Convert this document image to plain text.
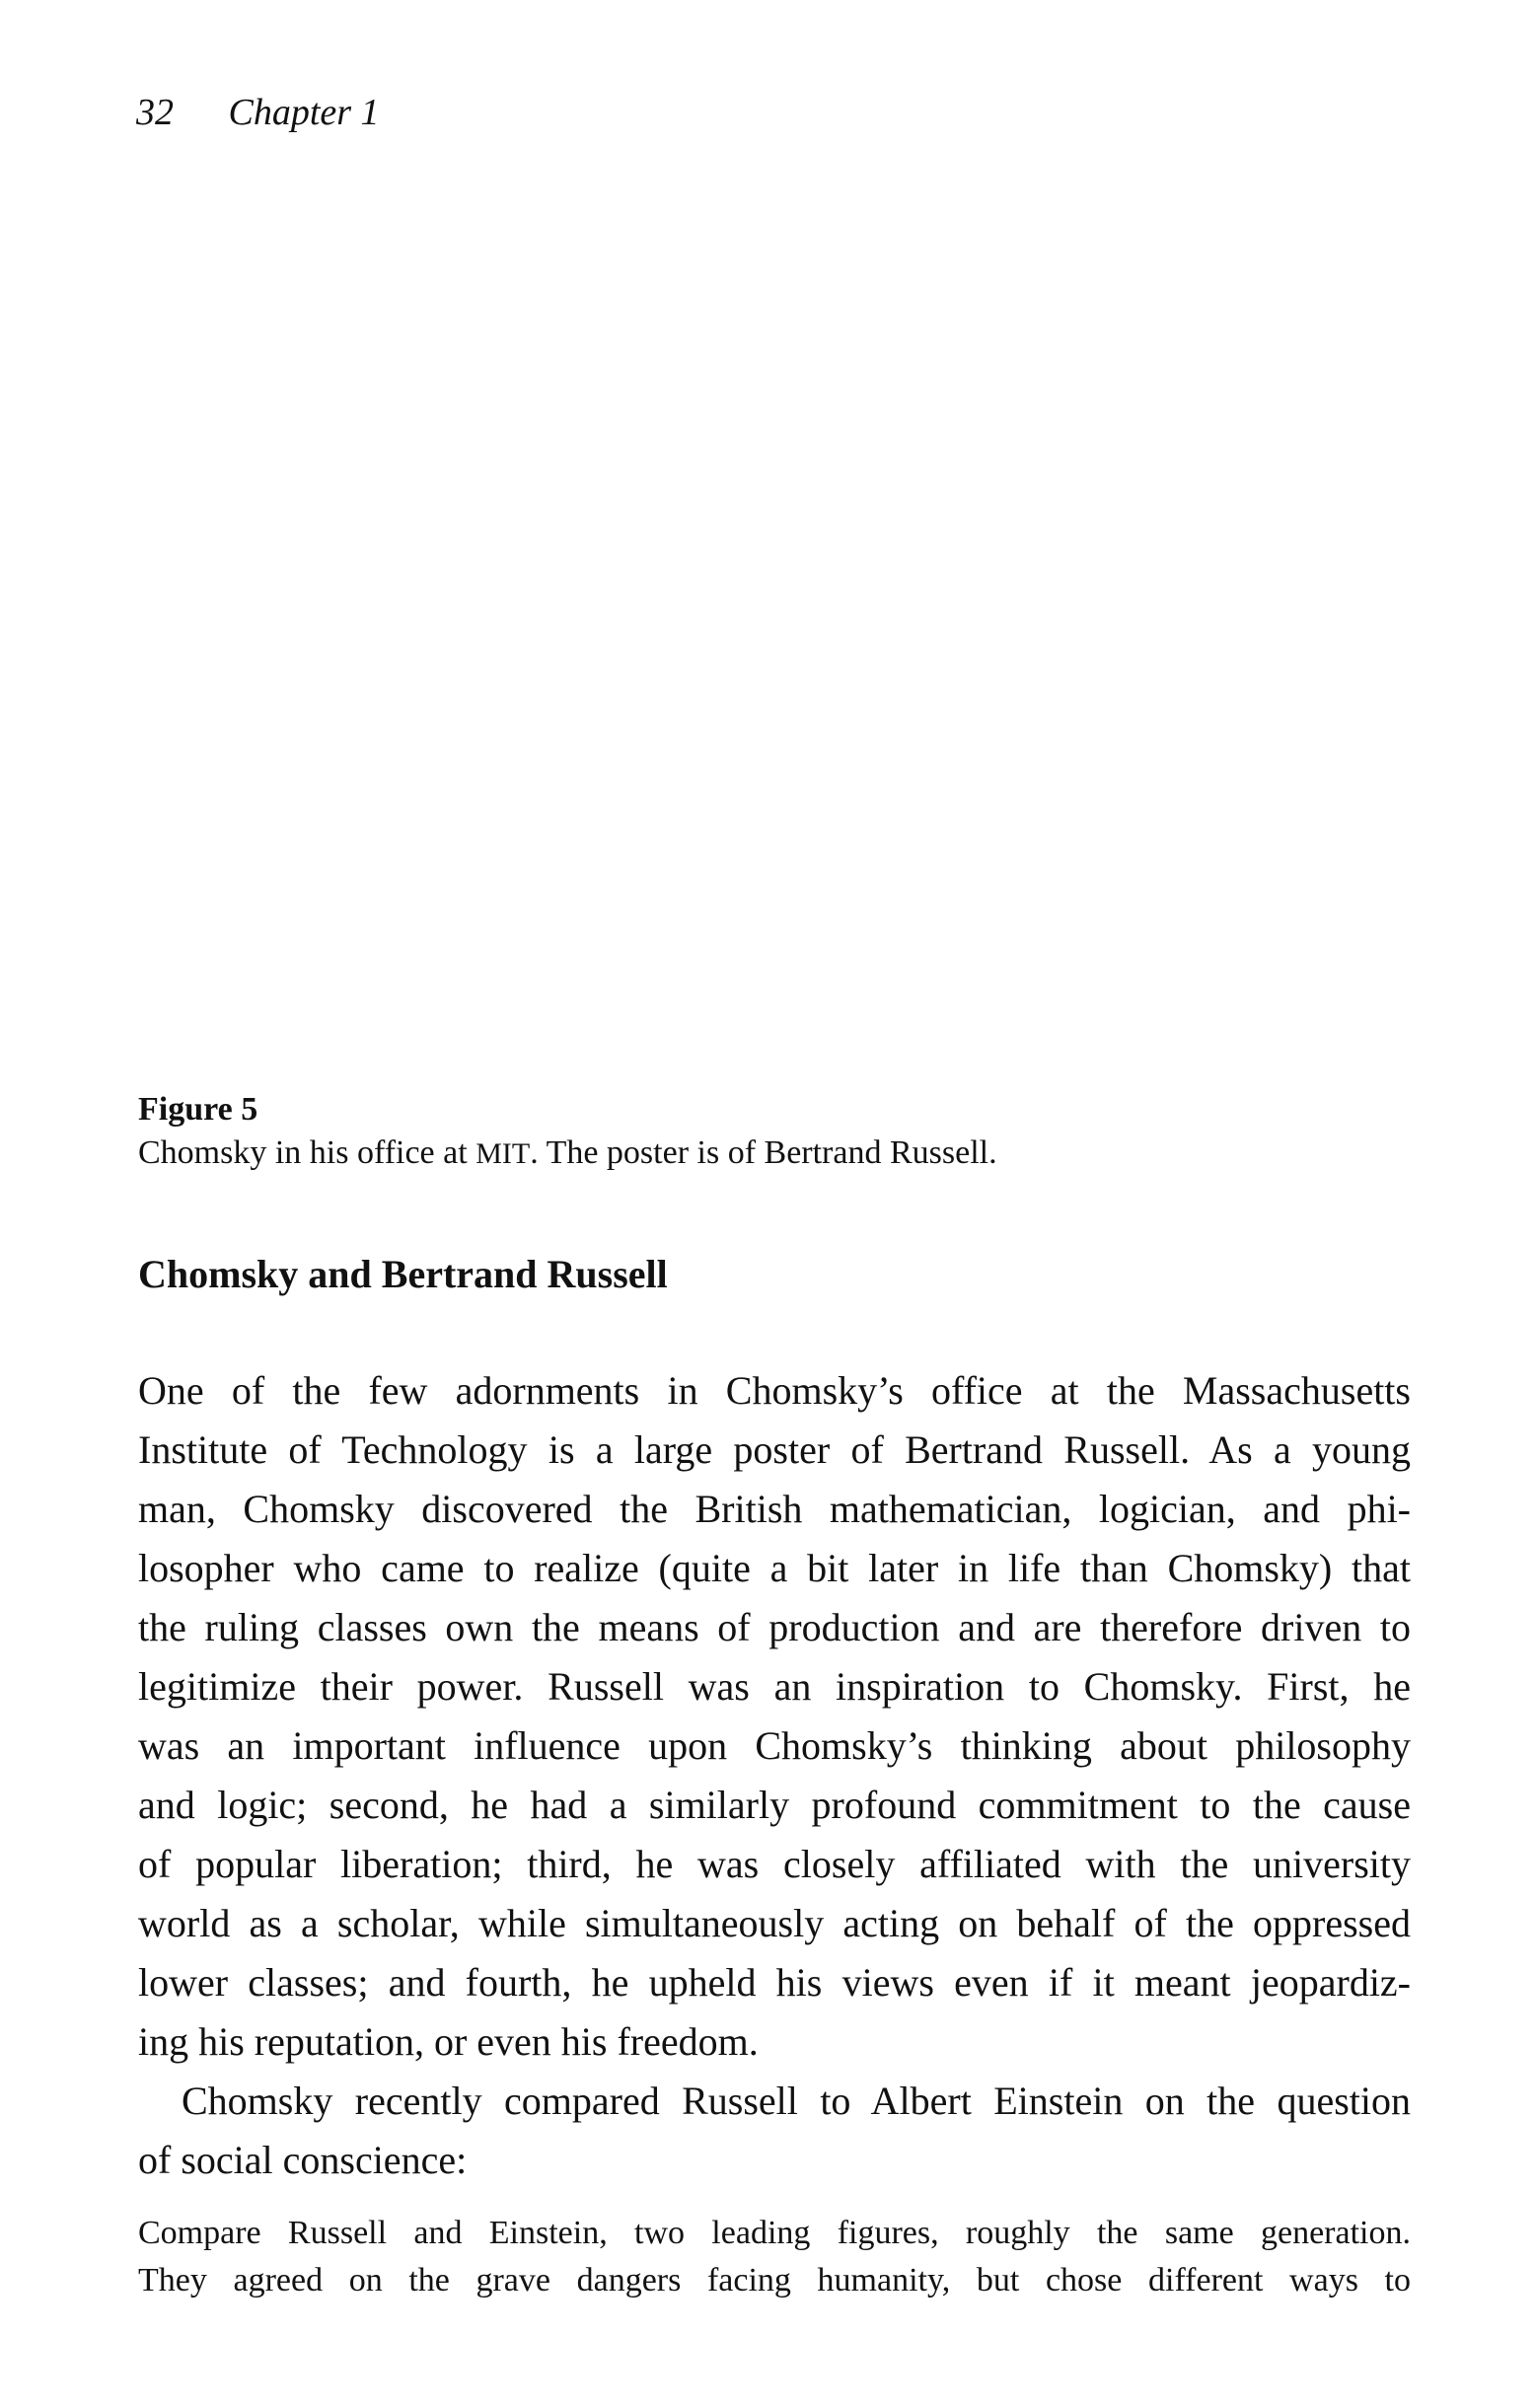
32 Chapter 1
Figure 5
Chomsky in his office at MIT. The poster is of Bertrand Russell.
Chomsky and Bertrand Russell
One of the few adornments in Chomsky’s office at the Massachusetts
Institute of Technology is a large poster of Bertrand Russell. As a young
man, Chomsky discovered the British mathematician, logician, and phi-
losopher who came to realize (quite a bit later in life than Chomsky) that
the ruling classes own the means of production and are therefore driven to
legitimize their power. Russell was an inspiration to Chomsky. First, he
was an important influence upon Chomsky’s thinking about philosophy
and logic; second, he had a similarly profound commitment to the cause
of popular liberation; third, he was closely affiliated with the university
world as a scholar, while simultaneously acting on behalf of the oppressed
lower classes; and fourth, he upheld his views even if it meant jeopardiz-
ing his reputation, or even his freedom.
Chomsky recently compared Russell to Albert Einstein on the question
of social conscience:
Compare Russell and Einstein, two leading figures, roughly the same generation.
They agreed on the grave dangers facing humanity, but chose different ways to
